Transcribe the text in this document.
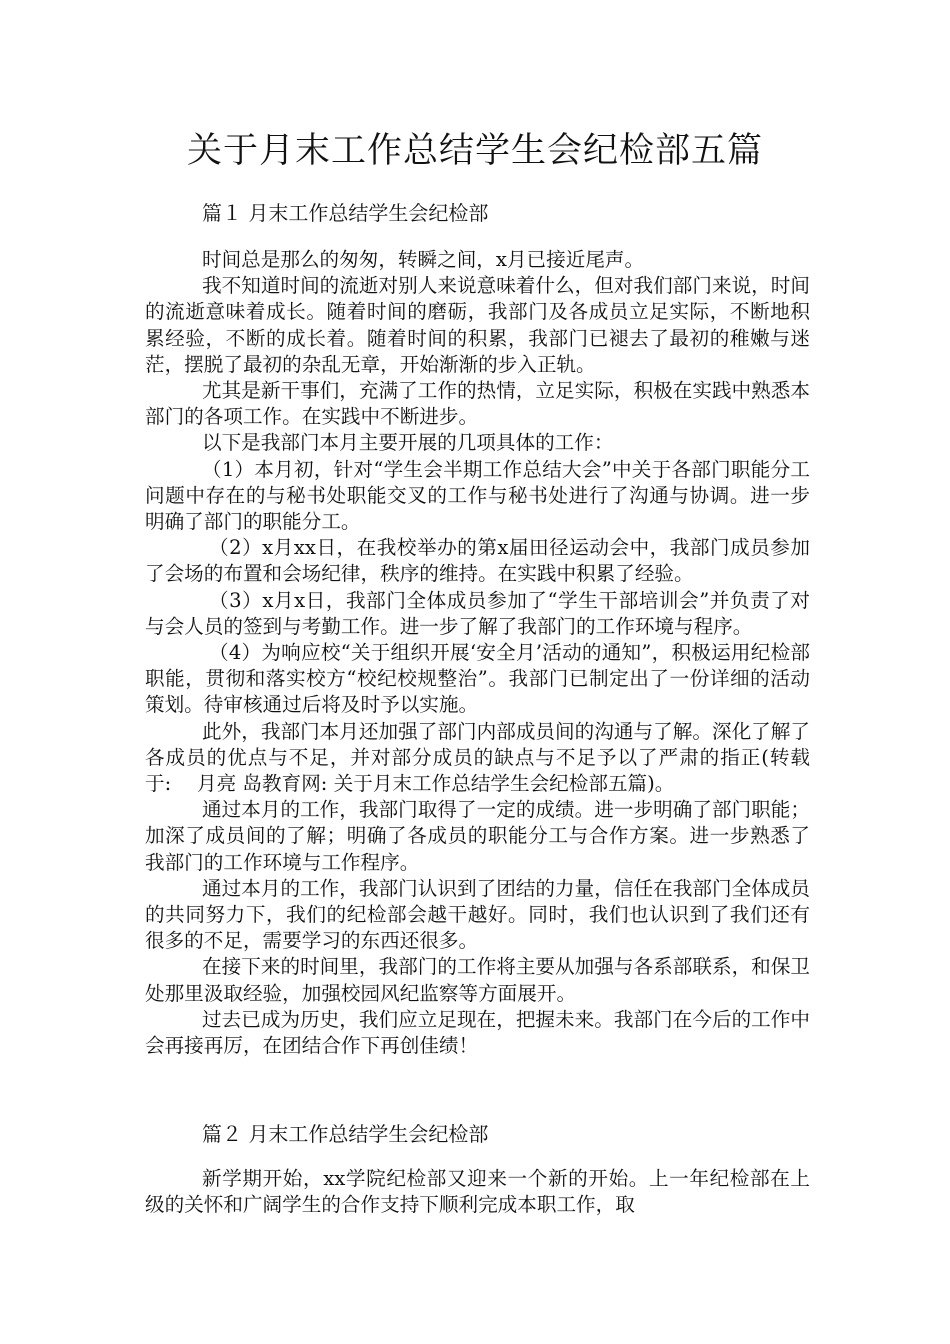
关于月末工作总结学生会纪检部五篇
篇１ 月末工作总结学生会纪检部

时间总是那么的匆匆，转瞬之间，x月已接近尾声。

我不知道时间的流逝对别人来说意味着什么，但对我们部门来说，时间的流逝意味着成长。随着时间的磨砺，我部门及各成员立足实际，不断地积累经验，不断的成长着。随着时间的积累，我部门已褪去了最初的稚嫩与迷茫，摆脱了最初的杂乱无章，开始渐渐的步入正轨。

尤其是新干事们，充满了工作的热情，立足实际，积极在实践中熟悉本部门的各项工作。在实践中不断进步。

以下是我部门本月主要开展的几项具体的工作：

（1）本月初，针对“学生会半期工作总结大会”中关于各部门职能分工问题中存在的与秘书处职能交叉的工作与秘书处进行了沟通与协调。进一步明确了部门的职能分工。

（2）x月xx日，在我校举办的第x届田径运动会中，我部门成员参加了会场的布置和会场纪律，秩序的维持。在实践中积累了经验。

（3）x月x日，我部门全体成员参加了“学生干部培训会”并负责了对与会人员的签到与考勤工作。进一步了解了我部门的工作环境与程序。

（4）为响应校“关于组织开展‘安全月’活动的通知”，积极运用纪检部职能，贯彻和落实校方“校纪校规整治”。我部门已制定出了一份详细的活动策划。待审核通过后将及时予以实施。

此外，我部门本月还加强了部门内部成员间的沟通与了解。深化了解了各成员的优点与不足，并对部分成员的缺点与不足予以了严肃的指正(转载 于:　 月亮 岛教育网: 关于月末工作总结学生会纪检部五篇)。

通过本月的工作，我部门取得了一定的成绩。进一步明确了部门职能；加深了成员间的了解；明确了各成员的职能分工与合作方案。进一步熟悉了我部门的工作环境与工作程序。

通过本月的工作，我部门认识到了团结的力量，信任在我部门全体成员的共同努力下，我们的纪检部会越干越好。同时，我们也认识到了我们还有很多的不足，需要学习的东西还很多。

在接下来的时间里，我部门的工作将主要从加强与各系部联系，和保卫处那里汲取经验，加强校园风纪监察等方面展开。

过去已成为历史，我们应立足现在，把握未来。我部门在今后的工作中会再接再厉，在团结合作下再创佳绩！

篇２ 月末工作总结学生会纪检部

新学期开始，xx学院纪检部又迎来一个新的开始。上一年纪检部在上级的关怀和广阔学生的合作支持下顺利完成本职工作，取
